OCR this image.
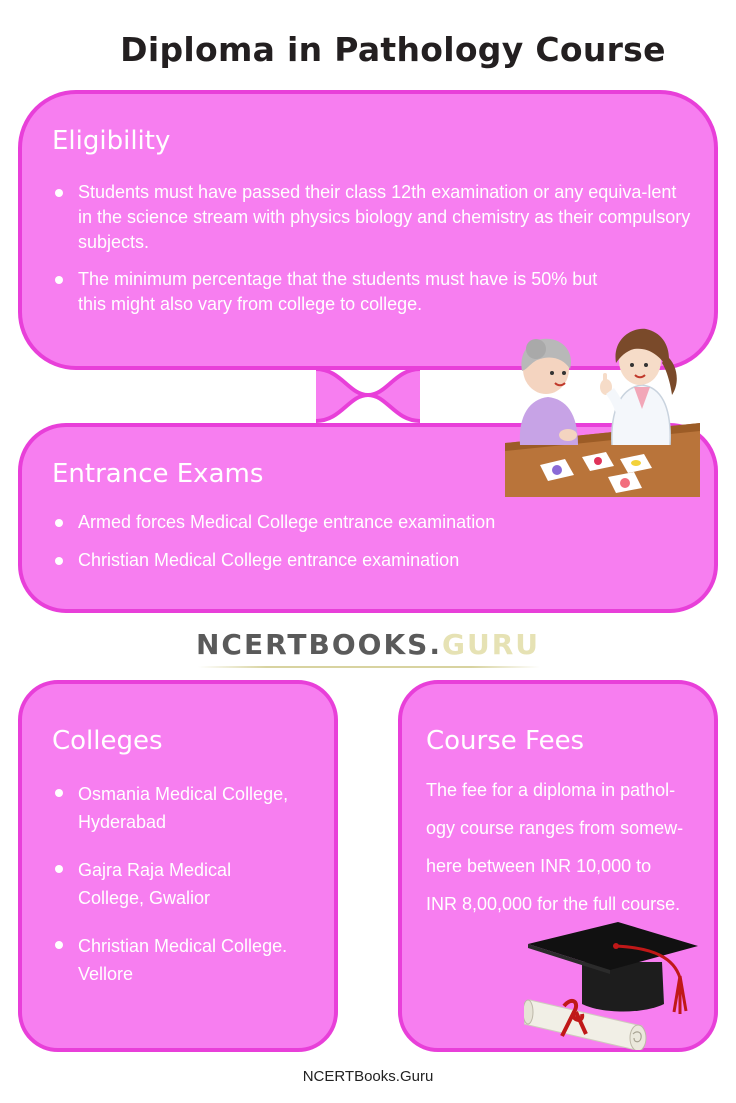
Diploma in Pathology Course
Eligibility
Students must have passed their class 12th examination or any equiva-lent in the science stream with physics biology and chemistry as their compulsory subjects.
The minimum percentage that the students must have is 50% but this might also vary from college to college.
Entrance Exams
Armed forces Medical College entrance examination
Christian Medical College entrance examination
NCERTBOOKS.GURU
Colleges
Osmania Medical College, Hyderabad
Gajra Raja Medical College, Gwalior
Christian Medical College. Vellore
Course Fees
The fee for a diploma in pathol-
ogy course ranges from somew-
here between INR 10,000 to
INR 8,00,000 for the full course.
NCERTBooks.Guru
